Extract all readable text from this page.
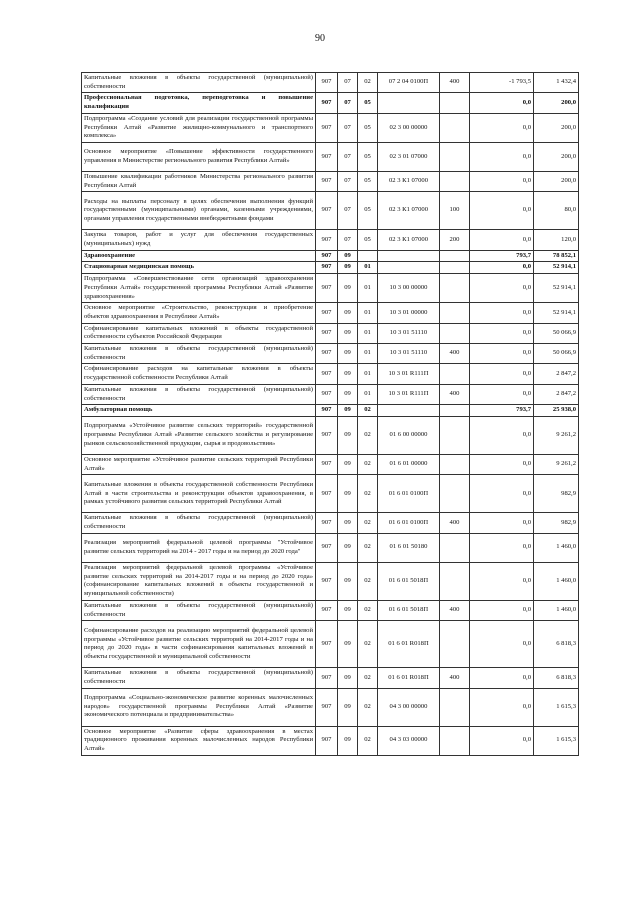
90
Капитальные вложения в объекты государственной (муниципальной) собственности	907	07	02	07 2 04 0100П	400	-1 793,5	1 432,4
Профессиональная подготовка, переподготовка и повышение квалификации	907	07	05			0,0	200,0
Подпрограмма «Создание условий для реализации государственной программы Республики Алтай «Развитие жилищно-коммунального и транспортного комплекса»	907	07	05	02 3 00 00000		0,0	200,0
Основное мероприятие «Повышение эффективности государственного управления в Министерстве регионального развития Республики Алтай»	907	07	05	02 3 01 07000		0,0	200,0
Повышение квалификации работников Министерства регионального развития Республики Алтай	907	07	05	02 3 К1 07000		0,0	200,0
Расходы на выплаты персоналу в целях обеспечения выполнения функций государственными (муниципальными) органами, казенными учреждениями, органами управления государственными внебюджетными фондами	907	07	05	02 3 К1 07000	100	0,0	80,0
Закупка товаров, работ и услуг для обеспечения государственных (муниципальных) нужд	907	07	05	02 3 К1 07000	200	0,0	120,0
Здравоохранение	907	09				793,7	78 852,1
Стационарная медицинская помощь	907	09	01			0,0	52 914,1
Подпрограмма «Совершенствование сети организаций здравоохранения Республики Алтай» государственной программы Республики Алтай «Развитие здравоохранения»	907	09	01	10 3 00 00000		0,0	52 914,1
Основное мероприятие «Строительство, реконструкция и приобретение объектов здравоохранения в Республике Алтай»	907	09	01	10 3 01 00000		0,0	52 914,1
Софинансирование капитальных вложений в объекты государственной собственности субъектов Российской Федерации	907	09	01	10 3 01 51110		0,0	50 066,9
Капитальные вложения в объекты государственной (муниципальной) собственности	907	09	01	10 3 01 51110	400	0,0	50 066,9
Софинансирование расходов на капитальные вложения в объекты государственной собственности Республики Алтай	907	09	01	10 3 01 R111П		0,0	2 847,2
Капитальные вложения в объекты государственной (муниципальной) собственности	907	09	01	10 3 01 R111П	400	0,0	2 847,2
Амбулаторная помощь	907	09	02			793,7	25 938,0
Подпрограмма «Устойчивое развитие сельских территорий» государственной программы Республики Алтай «Развитие сельского хозяйства и регулирование рынков сельскохозяйственной продукции, сырья и продовольствия»	907	09	02	01 6 00 00000		0,0	9 261,2
Основное мероприятие «Устойчивое развитие сельских территорий Республики Алтай»	907	09	02	01 6 01 00000		0,0	9 261,2
Капитальные вложения в объекты государственной собственности Республики Алтай в части строительства и реконструкции объектов здравоохранения, в рамках устойчивого развития сельских территорий Республики Алтай	907	09	02	01 6 01 0100П		0,0	982,9
Капитальные вложения в объекты государственной (муниципальной) собственности	907	09	02	01 6 01 0100П	400	0,0	982,9
Реализация мероприятий федеральной целевой программы "Устойчивое развитие сельских территорий на 2014 - 2017 годы и на период до 2020 года"	907	09	02	01 6 01 50180		0,0	1 460,0
Реализация мероприятий федеральной целевой программы «Устойчивое развитие сельских территорий на 2014-2017 годы и на период до 2020 года» (софинансирование капитальных вложений в объекты государственной и муниципальной собственности)	907	09	02	01 6 01 5018П		0,0	1 460,0
Капитальные вложения в объекты государственной (муниципальной) собственности	907	09	02	01 6 01 5018П	400	0,0	1 460,0
Софинансирование расходов на реализацию мероприятий федеральной целевой программы «Устойчивое развитие сельских территорий на 2014-2017 годы и на период до 2020 года» в части софинансирования капитальных вложений в объекты государственной и муниципальной собственности	907	09	02	01 6 01 R018П		0,0	6 818,3
Капитальные вложения в объекты государственной (муниципальной) собственности	907	09	02	01 6 01 R018П	400	0,0	6 818,3
Подпрограмма «Социально-экономическое развитие коренных малочисленных народов» государственной программы Республики Алтай «Развитие экономического потенциала и предпринимательства»	907	09	02	04 3 00 00000		0,0	1 615,3
Основное мероприятие «Развитие сферы здравоохранения в местах традиционного проживания коренных малочисленных народов Республики Алтай»	907	09	02	04 3 03 00000		0,0	1 615,3
